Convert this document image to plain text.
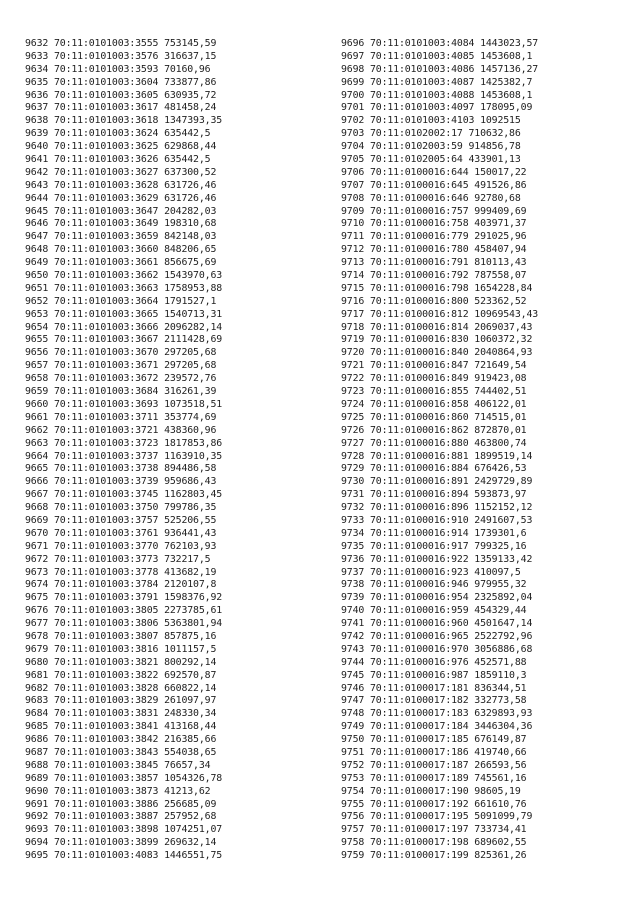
9632 70:11:0101003:3555 753145,59
9633 70:11:0101003:3576 316637,15
9634 70:11:0101003:3593 70160,96
9635 70:11:0101003:3604 733877,86
9636 70:11:0101003:3605 630935,72
9637 70:11:0101003:3617 481458,24
9638 70:11:0101003:3618 1347393,35
9639 70:11:0101003:3624 635442,5
9640 70:11:0101003:3625 629868,44
9641 70:11:0101003:3626 635442,5
9642 70:11:0101003:3627 637300,52
9643 70:11:0101003:3628 631726,46
9644 70:11:0101003:3629 631726,46
9645 70:11:0101003:3647 204282,03
9646 70:11:0101003:3649 198310,68
9647 70:11:0101003:3659 842148,03
9648 70:11:0101003:3660 848206,65
9649 70:11:0101003:3661 856675,69
9650 70:11:0101003:3662 1543970,63
9651 70:11:0101003:3663 1758953,88
9652 70:11:0101003:3664 1791527,1
9653 70:11:0101003:3665 1540713,31
9654 70:11:0101003:3666 2096282,14
9655 70:11:0101003:3667 2111428,69
9656 70:11:0101003:3670 297205,68
9657 70:11:0101003:3671 297205,68
9658 70:11:0101003:3672 239572,76
9659 70:11:0101003:3684 316261,39
9660 70:11:0101003:3693 1073518,51
9661 70:11:0101003:3711 353774,69
9662 70:11:0101003:3721 438360,96
9663 70:11:0101003:3723 1817853,86
9664 70:11:0101003:3737 1163910,35
9665 70:11:0101003:3738 894486,58
9666 70:11:0101003:3739 959686,43
9667 70:11:0101003:3745 1162803,45
9668 70:11:0101003:3750 799786,35
9669 70:11:0101003:3757 525206,55
9670 70:11:0101003:3761 936441,43
9671 70:11:0101003:3770 762103,93
9672 70:11:0101003:3773 732217,5
9673 70:11:0101003:3778 413682,19
9674 70:11:0101003:3784 2120107,8
9675 70:11:0101003:3791 1598376,92
9676 70:11:0101003:3805 2273785,61
9677 70:11:0101003:3806 5363801,94
9678 70:11:0101003:3807 857875,16
9679 70:11:0101003:3816 1011157,5
9680 70:11:0101003:3821 800292,14
9681 70:11:0101003:3822 692570,87
9682 70:11:0101003:3828 660822,14
9683 70:11:0101003:3829 261097,97
9684 70:11:0101003:3831 248330,34
9685 70:11:0101003:3841 413168,44
9686 70:11:0101003:3842 216385,66
9687 70:11:0101003:3843 554038,65
9688 70:11:0101003:3845 76657,34
9689 70:11:0101003:3857 1054326,78
9690 70:11:0101003:3873 41213,62
9691 70:11:0101003:3886 256685,09
9692 70:11:0101003:3887 257952,68
9693 70:11:0101003:3898 1074251,07
9694 70:11:0101003:3899 269632,14
9695 70:11:0101003:4083 1446551,75
9696 70:11:0101003:4084 1443023,57
9697 70:11:0101003:4085 1453608,1
9698 70:11:0101003:4086 1457136,27
9699 70:11:0101003:4087 1425382,7
9700 70:11:0101003:4088 1453608,1
9701 70:11:0101003:4097 178095,09
9702 70:11:0101003:4103 1092515
9703 70:11:0102002:17 710632,86
9704 70:11:0102003:59 914856,78
9705 70:11:0102005:64 433901,13
9706 70:11:0100016:644 150017,22
9707 70:11:0100016:645 491526,86
9708 70:11:0100016:646 92780,68
9709 70:11:0100016:757 999409,69
9710 70:11:0100016:758 403971,37
9711 70:11:0100016:779 291025,96
9712 70:11:0100016:780 458407,94
9713 70:11:0100016:791 810113,43
9714 70:11:0100016:792 787558,07
9715 70:11:0100016:798 1654228,84
9716 70:11:0100016:800 523362,52
9717 70:11:0100016:812 10969543,43
9718 70:11:0100016:814 2069037,43
9719 70:11:0100016:830 1060372,32
9720 70:11:0100016:840 2040864,93
9721 70:11:0100016:847 721649,54
9722 70:11:0100016:849 919423,08
9723 70:11:0100016:855 744402,51
9724 70:11:0100016:858 406122,01
9725 70:11:0100016:860 714515,01
9726 70:11:0100016:862 872870,01
9727 70:11:0100016:880 463800,74
9728 70:11:0100016:881 1899519,14
9729 70:11:0100016:884 676426,53
9730 70:11:0100016:891 2429729,89
9731 70:11:0100016:894 593873,97
9732 70:11:0100016:896 1152152,12
9733 70:11:0100016:910 2491607,53
9734 70:11:0100016:914 1739301,6
9735 70:11:0100016:917 799325,16
9736 70:11:0100016:922 1359133,42
9737 70:11:0100016:923 410097,5
9738 70:11:0100016:946 979955,32
9739 70:11:0100016:954 2325892,04
9740 70:11:0100016:959 454329,44
9741 70:11:0100016:960 4501647,14
9742 70:11:0100016:965 2522792,96
9743 70:11:0100016:970 3056886,68
9744 70:11:0100016:976 452571,88
9745 70:11:0100016:987 1859110,3
9746 70:11:0100017:181 836344,51
9747 70:11:0100017:182 332773,58
9748 70:11:0100017:183 6329893,93
9749 70:11:0100017:184 3446304,36
9750 70:11:0100017:185 676149,87
9751 70:11:0100017:186 419740,66
9752 70:11:0100017:187 266593,56
9753 70:11:0100017:189 745561,16
9754 70:11:0100017:190 98605,19
9755 70:11:0100017:192 661610,76
9756 70:11:0100017:195 5091099,79
9757 70:11:0100017:197 733734,41
9758 70:11:0100017:198 689602,55
9759 70:11:0100017:199 825361,26
